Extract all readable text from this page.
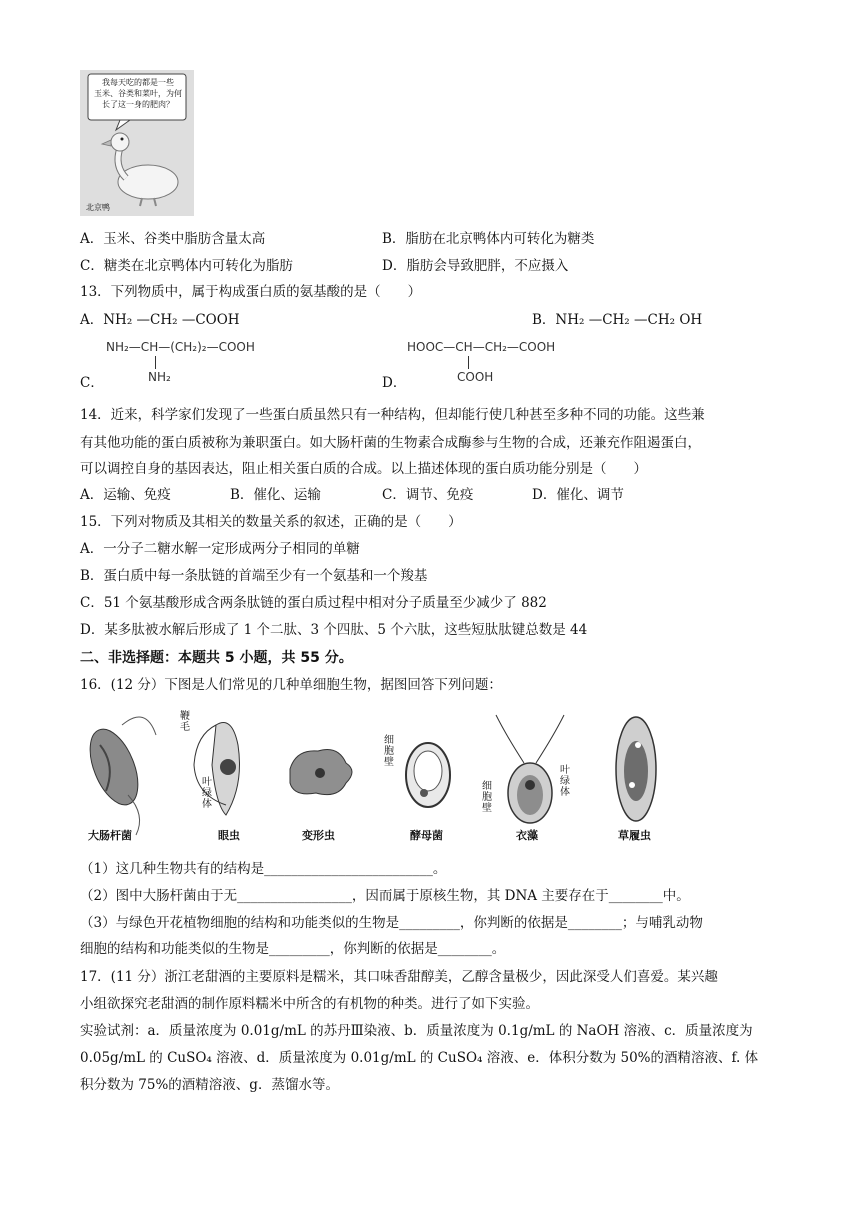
我每天吃的都是一些
玉米、谷类和菜叶，为何
长了这一身的肥肉？
北京鸭
A．玉米、谷类中脂肪含量太高	B．脂肪在北京鸭体内可转化为糖类
C．糖类在北京鸭体内可转化为脂肪	D．脂肪会导致肥胖，不应摄入
13．下列物质中，属于构成蛋白质的氨基酸的是（　　）
A．NH₂ —CH₂ —COOH	B．NH₂ —CH₂ —CH₂ OH
NH₂—CH—(CH₂)₂—COOH
NH₂
C．
HOOC—CH—CH₂—COOH
COOH
D．
14．近来，科学家们发现了一些蛋白质虽然只有一种结构，但却能行使几种甚至多种不同的功能。这些兼
有其他功能的蛋白质被称为兼职蛋白。如大肠杆菌的生物素合成酶参与生物的合成，还兼充作阻遏蛋白，
可以调控自身的基因表达，阻止相关蛋白质的合成。以上描述体现的蛋白质功能分别是（　　）
A．运输、免疫	B．催化、运输	C．调节、免疫	D．催化、调节
15．下列对物质及其相关的数量关系的叙述，正确的是（　　）
A．一分子二糖水解一定形成两分子相同的单糖
B．蛋白质中每一条肽链的首端至少有一个氨基和一个羧基
C．51 个氨基酸形成含两条肽链的蛋白质过程中相对分子质量至少减少了 882
D．某多肽被水解后形成了 1 个二肽、3 个四肽、5 个六肽，这些短肽肽键总数是 44
二、非选择题：本题共 5 小题，共 55 分。
16．(12 分）下图是人们常见的几种单细胞生物，据图回答下列问题：
鞭毛
叶绿体
细胞壁
细胞壁
叶绿体
大肠杆菌	眼虫	变形虫	酵母菌	衣藻	草履虫
（1）这几种生物共有的结构是_________________________。
（2）图中大肠杆菌由于无_________________，因而属于原核生物，其 DNA 主要存在于________中。
（3）与绿色开花植物细胞的结构和功能类似的生物是_________，你判断的依据是________；与哺乳动物
细胞的结构和功能类似的生物是_________，你判断的依据是________。
17．(11 分）浙江老甜酒的主要原料是糯米，其口味香甜醇美，乙醇含量极少，因此深受人们喜爱。某兴趣
小组欲探究老甜酒的制作原料糯米中所含的有机物的种类。进行了如下实验。
实验试剂：a．质量浓度为 0.01g/mL 的苏丹Ⅲ染液、b．质量浓度为 0.1g/mL 的 NaOH 溶液、c．质量浓度为
0.05g/mL 的 CuSO₄ 溶液、d．质量浓度为 0.01g/mL 的 CuSO₄ 溶液、e．体积分数为 50%的酒精溶液、f. 体
积分数为 75%的酒精溶液、g．蒸馏水等。
